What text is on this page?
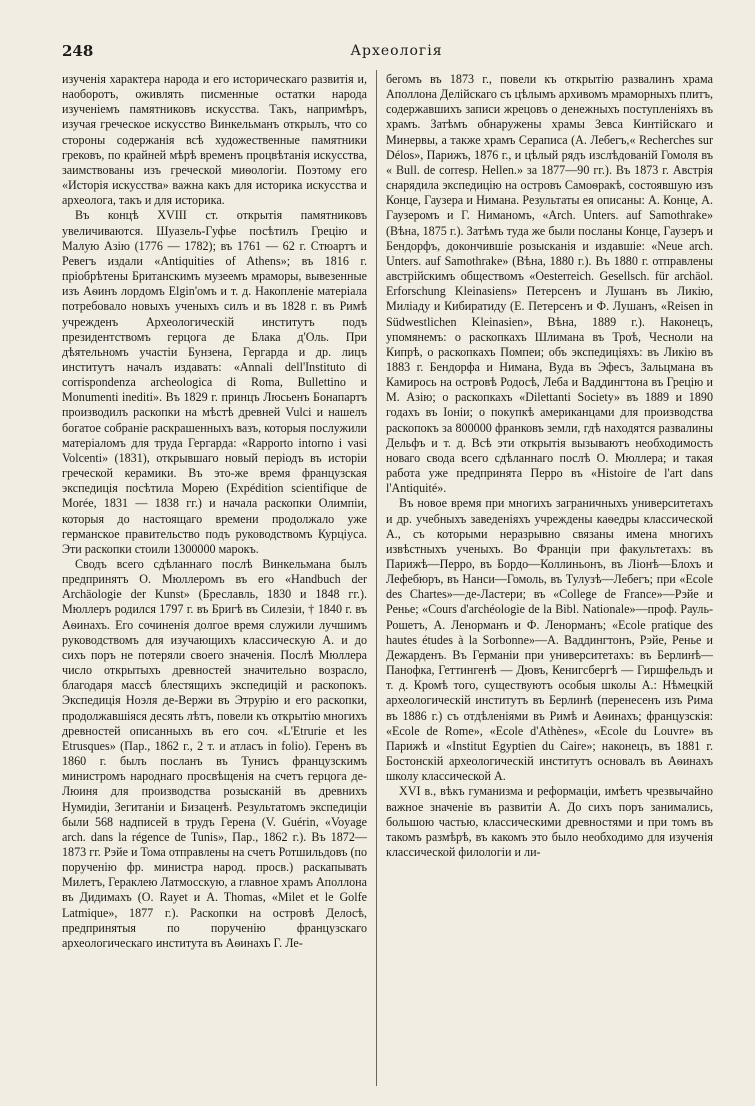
248	Археологія

изученія характера народа и его историческаго развитія и, наоборотъ, оживлять писменные остатки народа изученіемъ памятниковъ искусства. Такъ, напримѣръ, изучая греческое искусство Винкельманъ открылъ, что со стороны содержанія всѣ художественные памятники грековъ, по крайней мѣрѣ временъ процвѣтанія искусства, заимствованы изъ греческой миѳологіи. Поэтому его «Исторія искусства» важна какъ для историка искусства и археолога, такъ и для историка.

Въ концѣ XVIII ст. открытія памятниковъ увеличиваются. Шуазель-Гуфье посѣтилъ Грецію и Малую Азію (1776 — 1782); въ 1761 — 62 г. Стюартъ и Ревегъ издали «Antiquities of Athens»; въ 1816 г. пріобрѣтены Британскимъ музеемъ мраморы, вывезенные изъ Аѳинъ лордомъ Elgin'омъ и т. д. Накопленіе матеріала потребовало новыхъ ученыхъ силъ и въ 1828 г. въ Римѣ учрежденъ Археологическій институтъ подъ президентствомъ герцога де Блака д'Оль. При дѣятельномъ участіи Бунзена, Гергарда и др. лицъ институтъ началъ издавать: «Annali dell'Instituto di corrispondenza archeologica di Roma, Bullettino и Monumenti inediti». Въ 1829 г. принцъ Люсьенъ Бонапартъ производилъ раскопки на мѣстѣ древней Vulci и нашелъ богатое собраніе раскрашенныхъ вазъ, которыя послужили матеріаломъ для труда Гергарда: «Rapporto intorno i vasi Volcenti» (1831), открывшаго новый періодъ въ исторіи греческой керамики. Въ это-же время французская экспедиція посѣтила Морею (Expédition scientifique de Morée, 1831 — 1838 гг.) и начала раскопки Олимпіи, которыя до настоящаго времени продолжало уже германское правительство подъ руководствомъ Курціуса. Эти раскопки стоили 1300000 марокъ.

Сводъ всего сдѣланнаго послѣ Винкельмана былъ предпринятъ О. Мюллеромъ въ его «Handbuch der Archäologie der Kunst» (Бреславль, 1830 и 1848 гг.). Мюллеръ родился 1797 г. въ Бригѣ въ Силезіи, † 1840 г. въ Аѳинахъ. Его сочиненія долгое время служили лучшимъ руководствомъ для изучающихъ классическую А. и до сихъ поръ не потеряли своего значенія. Послѣ Мюллера число открытыхъ древностей значительно возрасло, благодаря массѣ блестящихъ экспедицій и раскопокъ. Экспедиція Ноэля де-Вержи въ Этрурію и его раскопки, продолжавшіяся десять лѣтъ, повели къ открытію многихъ древностей описанныхъ въ его соч. «L'Etrurie et les Etrusques» (Пар., 1862 г., 2 т. и атласъ in folio). Геренъ въ 1860 г. былъ посланъ въ Тунисъ французскимъ министромъ народнаго просвѣщенія на счетъ герцога де-Люиня для производства розысканій въ древнихъ Нумидіи, Зегитаніи и Бизаценѣ. Результатомъ экспедиціи были 568 надписей в трудъ Герена (V. Guérin, «Voyage arch. dans la régence de Tunis», Пар., 1862 г.). Въ 1872—1873 гг. Рэйе и Тома отправлены на счетъ Ротшильдовъ (по порученію фр. министра народ. просв.) раскапывать Милетъ, Гераклею Латмосскую, а главное храмъ Аполлона въ Дидимахъ (O. Rayet и A. Thomas, «Milet et le Golfe Latmique», 1877 г.). Раскопки на островѣ Делосѣ, предпринятыя по порученію французскаго археологическаго института въ Аѳинахъ Г. Ле-

бегомъ въ 1873 г., повели къ открытію развалинъ храма Аполлона Делійскаго съ цѣлымъ архивомъ мраморныхъ плитъ, содержавшихъ записи жрецовъ о денежныхъ поступленіяхъ въ храмъ. Затѣмъ обнаружены храмы Зевса Кинтійскаго и Минервы, а также храмъ Сераписа (A. Лебегъ,« Recherches sur Délos», Парижъ, 1876 г., и цѣлый рядъ изслѣдованій Гомоля въ « Bull. de corresp. Hellen.» за 1877—90 гг.). Въ 1873 г. Австрія снарядила экспедицію на островъ Самоѳракѣ, состоявшую изъ Конце, Гаузера и Нимана. Результаты ея описаны: A. Конце, А. Гаузеромъ и Г. Ниманомъ, «Arch. Unters. auf Samothrake» (Вѣна, 1875 г.). Затѣмъ туда же были посланы Конце, Гаузеръ и Бендорфъ, докончившіе розысканія и издавшіе: «Neue arch. Unters. auf Samothrake» (Вѣна, 1880 г.). Въ 1880 г. отправлены австрійскимъ обществомъ «Oesterreich. Gesellsch. für archäol. Erforschung Kleinasiens» Петерсенъ и Лушанъ въ Ликію, Миліаду и Кибиратиду (E. Петерсенъ и Ф. Лушанъ, «Reisen in Südwestlichen Kleinasien», Вѣна, 1889 г.). Наконецъ, упомянемъ: о раскопкахъ Шлимана въ Троѣ, Чесноли на Кипрѣ, о раскопкахъ Помпеи; объ экспедиціяхъ: въ Ликію въ 1883 г. Бендорфа и Нимана, Вуда въ Эфесъ, Зальцмана въ Камирось на островѣ Родосѣ, Леба и Ваддингтона въ Грецію и М. Азію; о раскопкахъ «Dilettanti Society» въ 1889 и 1890 годахъ въ Іоніи; о покупкѣ американцами для производства раскопокъ за 800000 франковъ земли, гдѣ находятся развалины Дельфъ и т. д. Всѣ эти открытія вызываютъ необходимость новаго свода всего сдѣланнаго послѣ О. Мюллера; и такая работа уже предпринята Перро въ «Histoire de l'art dans l'Antiquité».

Въ новое время при многихъ заграничныхъ университетахъ и др. учебныхъ заведеніяхъ учреждены каѳедры классической А., съ которыми неразрывно связаны имена многихъ извѣстныхъ ученыхъ. Во Франціи при факультетахъ: въ Парижѣ—Перро, въ Бордо—Коллиньонъ, въ Ліонѣ—Блохъ и Лефебюръ, въ Нанси—Гомоль, въ Тулузѣ—Лебегъ; при «Ecole des Chartes»—де-Ластери; въ «College de France»—Рэйе и Ренье; «Cours d'archéologie de la Bibl. Nationale»—проф. Рауль-Рошетъ, А. Ленорманъ и Ф. Ленорманъ; «Ecole pratique des hautes études à la Sorbonne»—А. Ваддингтонъ, Рэйе, Ренье и Дежарденъ. Въ Германіи при университетахъ: въ Берлинѣ—Панофка, Геттингенѣ — Дювъ, Кенигсбергѣ — Гиршфельдъ и т. д. Кромѣ того, существуютъ особыя школы А.: Нѣмецкій археологическій институтъ въ Берлинѣ (перенесенъ изъ Рима въ 1886 г.) съ отдѣленіями въ Римѣ и Аѳинахъ; французскія: «Ecole de Rome», «Ecole d'Athènes», «Ecole du Louvre» въ Парижѣ и «Institut Egyptien du Caire»; наконецъ, въ 1881 г. Бостонскій археологическій институтъ основалъ въ Аѳинахъ школу классической А.

XVI в., вѣкъ гуманизма и реформаціи, имѣетъ чрезвычайно важное значеніе въ развитіи А. До сихъ поръ занимались, большою частью, классическими древностями и при томъ въ такомъ размѣрѣ, въ какомъ это было необходимо для изученія классической филологіи и ли-
